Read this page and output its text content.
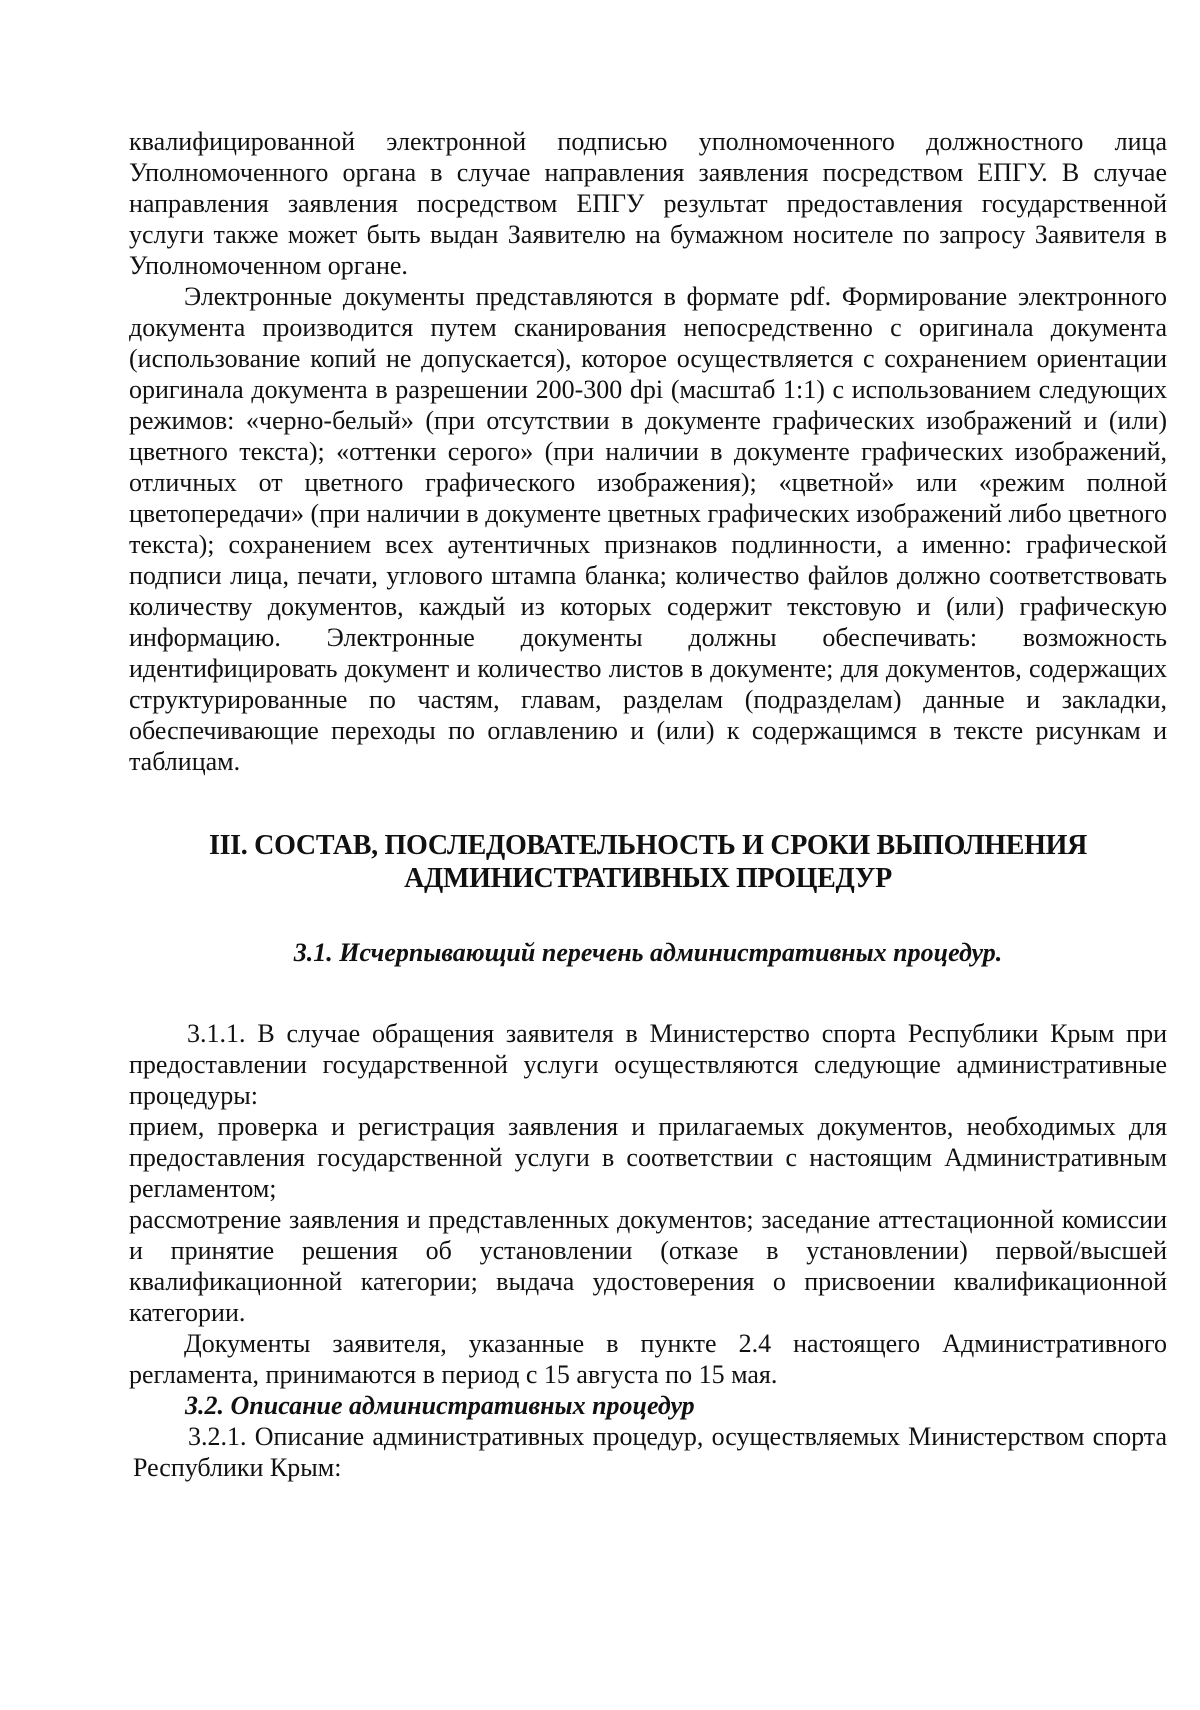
квалифицированной электронной подписью уполномоченного должностного лица Уполномоченного органа в случае направления заявления посредством ЕПГУ. В случае направления заявления посредством ЕПГУ результат предоставления государственной услуги также может быть выдан Заявителю на бумажном носителе по запросу Заявителя в Уполномоченном органе.

Электронные документы представляются в формате pdf. Формирование электронного документа производится путем сканирования непосредственно с оригинала документа (использование копий не допускается), которое осуществляется с сохранением ориентации оригинала документа в разрешении 200-300 dpi (масштаб 1:1) с использованием следующих режимов: «черно-белый» (при отсутствии в документе графических изображений и (или) цветного текста); «оттенки серого» (при наличии в документе графических изображений, отличных от цветного графического изображения); «цветной» или «режим полной цветопередачи» (при наличии в документе цветных графических изображений либо цветного текста); сохранением всех аутентичных признаков подлинности, а именно: графической подписи лица, печати, углового штампа бланка; количество файлов должно соответствовать количеству документов, каждый из которых содержит текстовую и (или) графическую информацию. Электронные документы должны обеспечивать: возможность идентифицировать документ и количество листов в документе; для документов, содержащих структурированные по частям, главам, разделам (подразделам) данные и закладки, обеспечивающие переходы по оглавлению и (или) к содержащимся в тексте рисункам и таблицам.

III. СОСТАВ, ПОСЛЕДОВАТЕЛЬНОСТЬ И СРОКИ ВЫПОЛНЕНИЯ
АДМИНИСТРАТИВНЫХ ПРОЦЕДУР
3.1. Исчерпывающий перечень административных процедур.

3.1.1. В случае обращения заявителя в Министерство спорта Республики Крым при предоставлении государственной услуги осуществляются следующие административные процедуры:

прием, проверка и регистрация заявления и прилагаемых документов, необходимых для предоставления государственной услуги в соответствии с настоящим Административным регламентом;

рассмотрение заявления и представленных документов; заседание аттестационной комиссии и принятие решения об установлении (отказе в установлении) первой/высшей квалификационной категории; выдача удостоверения о присвоении квалификационной категории.

Документы заявителя, указанные в пункте 2.4 настоящего Административного регламента, принимаются в период с 15 августа по 15 мая.

3.2. Описание административных процедур

3.2.1. Описание административных процедур, осуществляемых Министерством спорта Республики Крым:
